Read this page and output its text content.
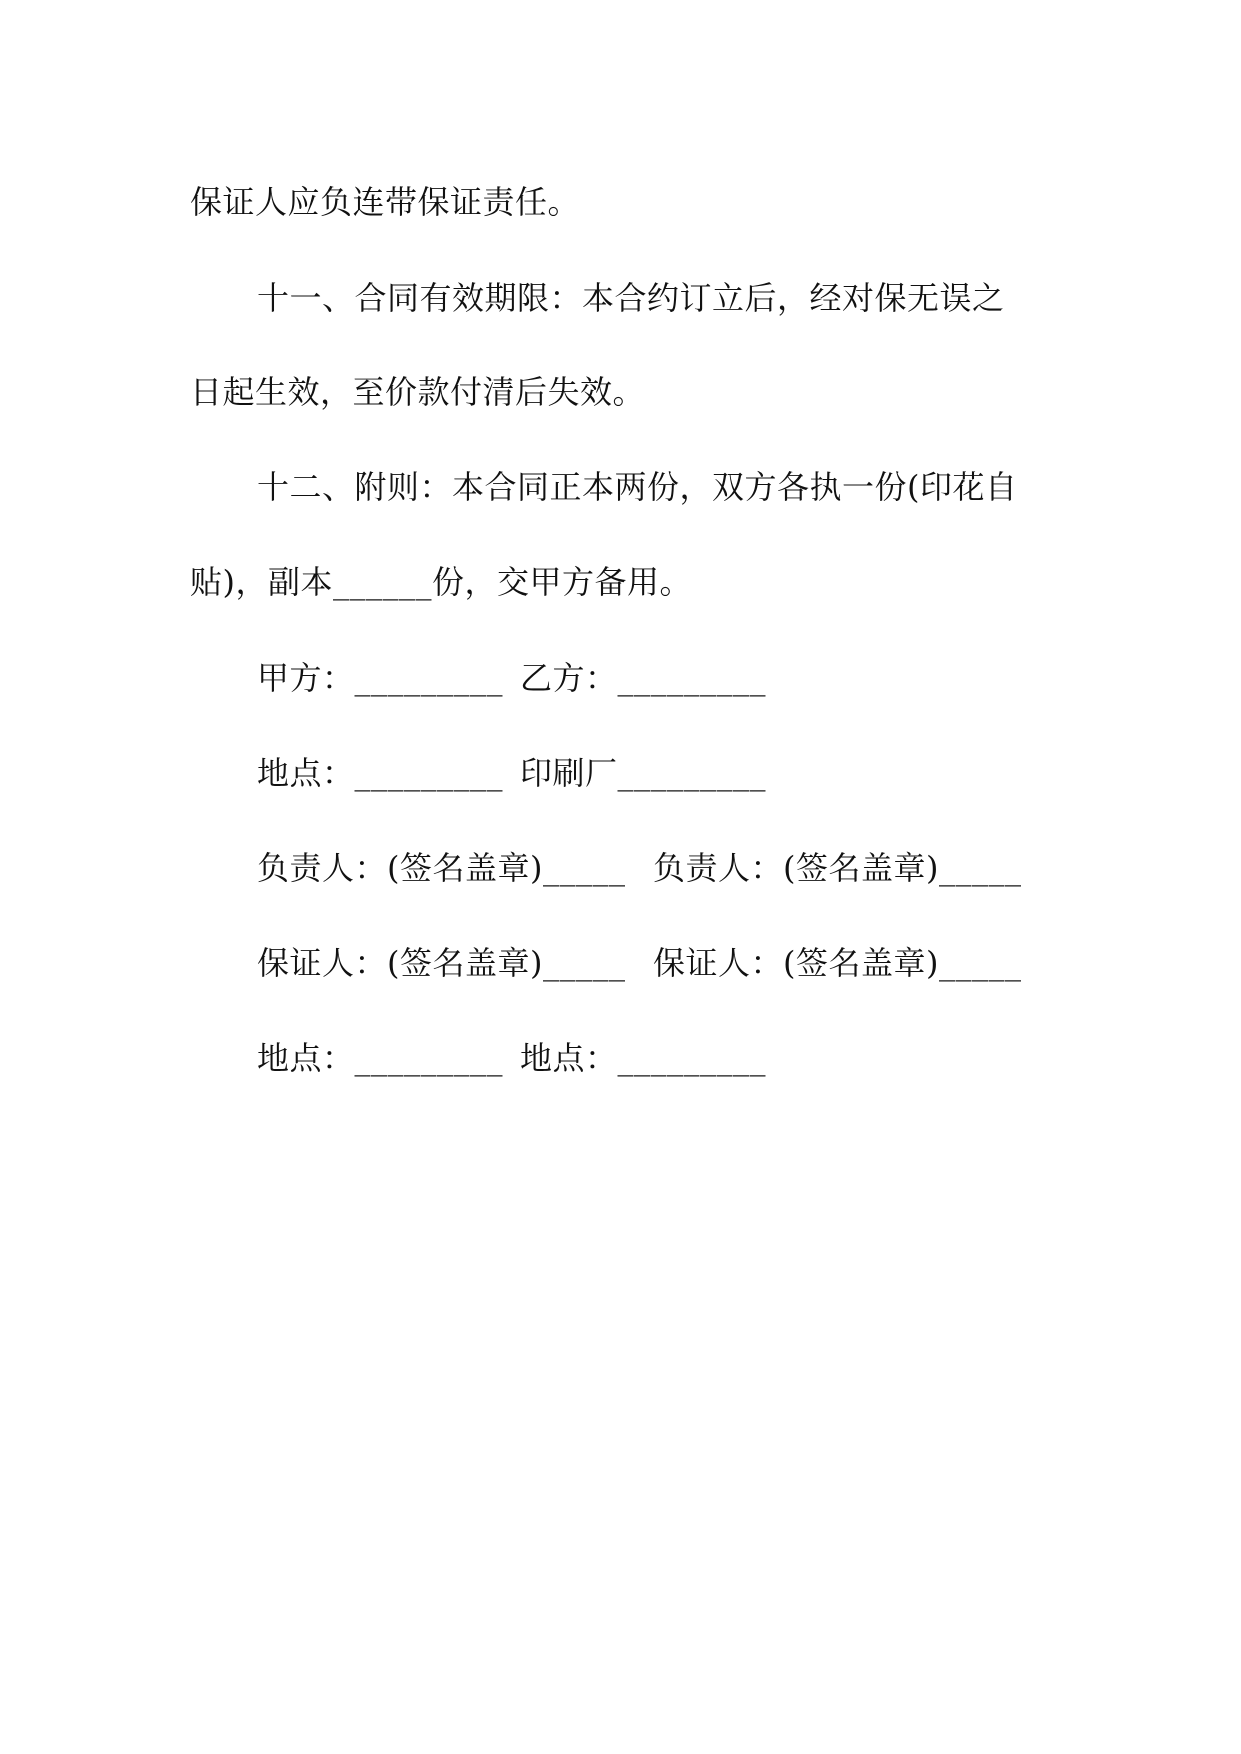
保证人应负连带保证责任。
十一、合同有效期限：本合约订立后，经对保无误之
日起生效，至价款付清后失效。
十二、附则：本合同正本两份，双方各执一份(印花自
贴)，副本______份，交甲方备用。
甲方：_________ 乙方：_________
地点：_________ 印刷厂_________
负责人：(签名盖章)_____ 负责人：(签名盖章)_____
保证人：(签名盖章)_____ 保证人：(签名盖章)_____
地点：_________ 地点：_________
